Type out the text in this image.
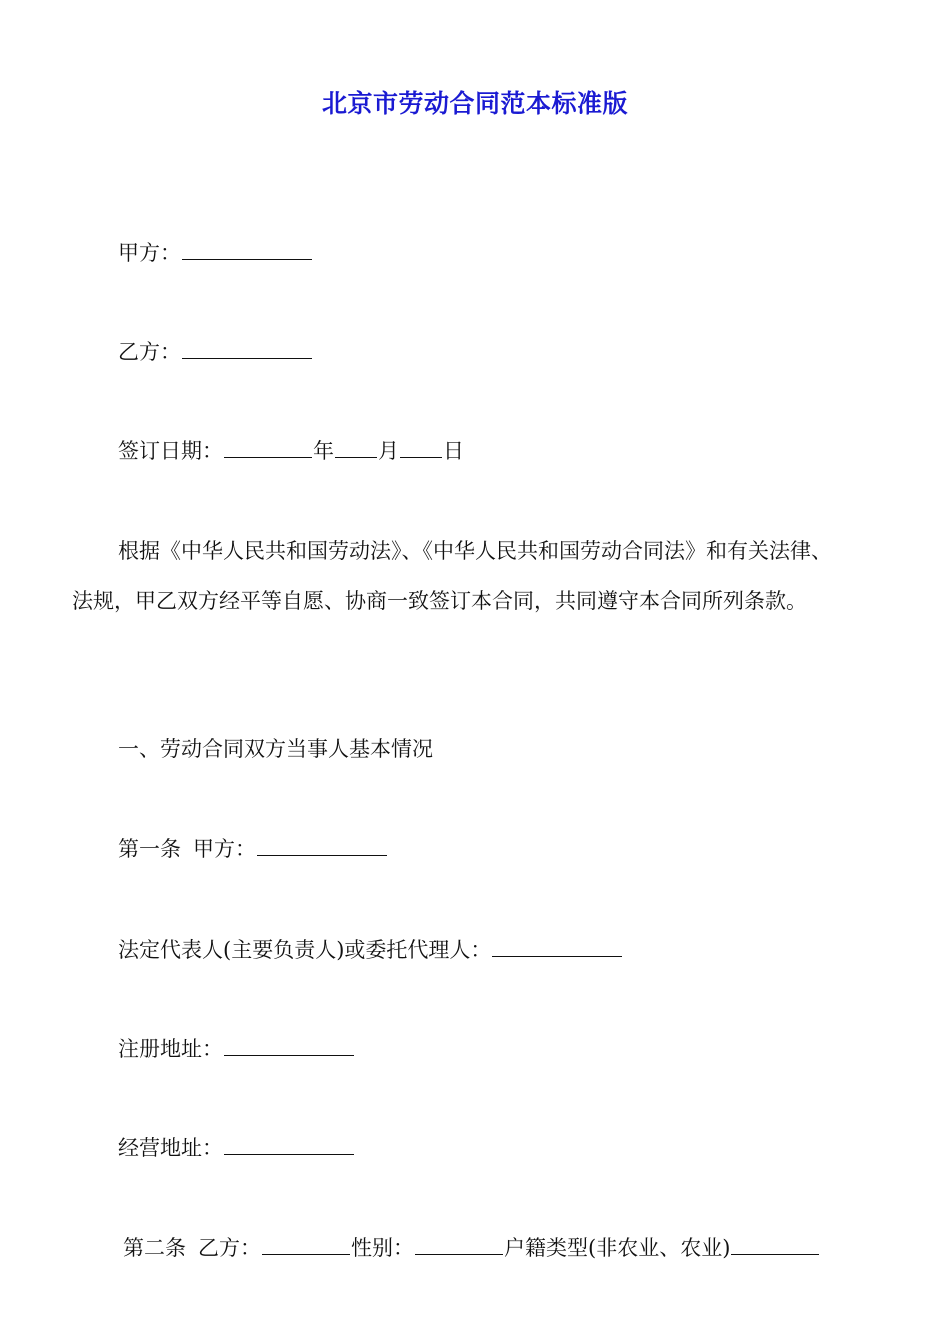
北京市劳动合同范本标准版
甲方：
乙方：
签订日期：	年 月 日
根据《中华人民共和国劳动法》、《中华人民共和国劳动合同法》和有关法律、
法规，甲乙双方经平等自愿、协商一致签订本合同，共同遵守本合同所列条款。
一、劳动合同双方当事人基本情况
第一条 甲方：
法定代表人(主要负责人)或委托代理人：
注册地址：
经营地址：
第二条 乙方：	性别：	户籍类型(非农业、农业)
